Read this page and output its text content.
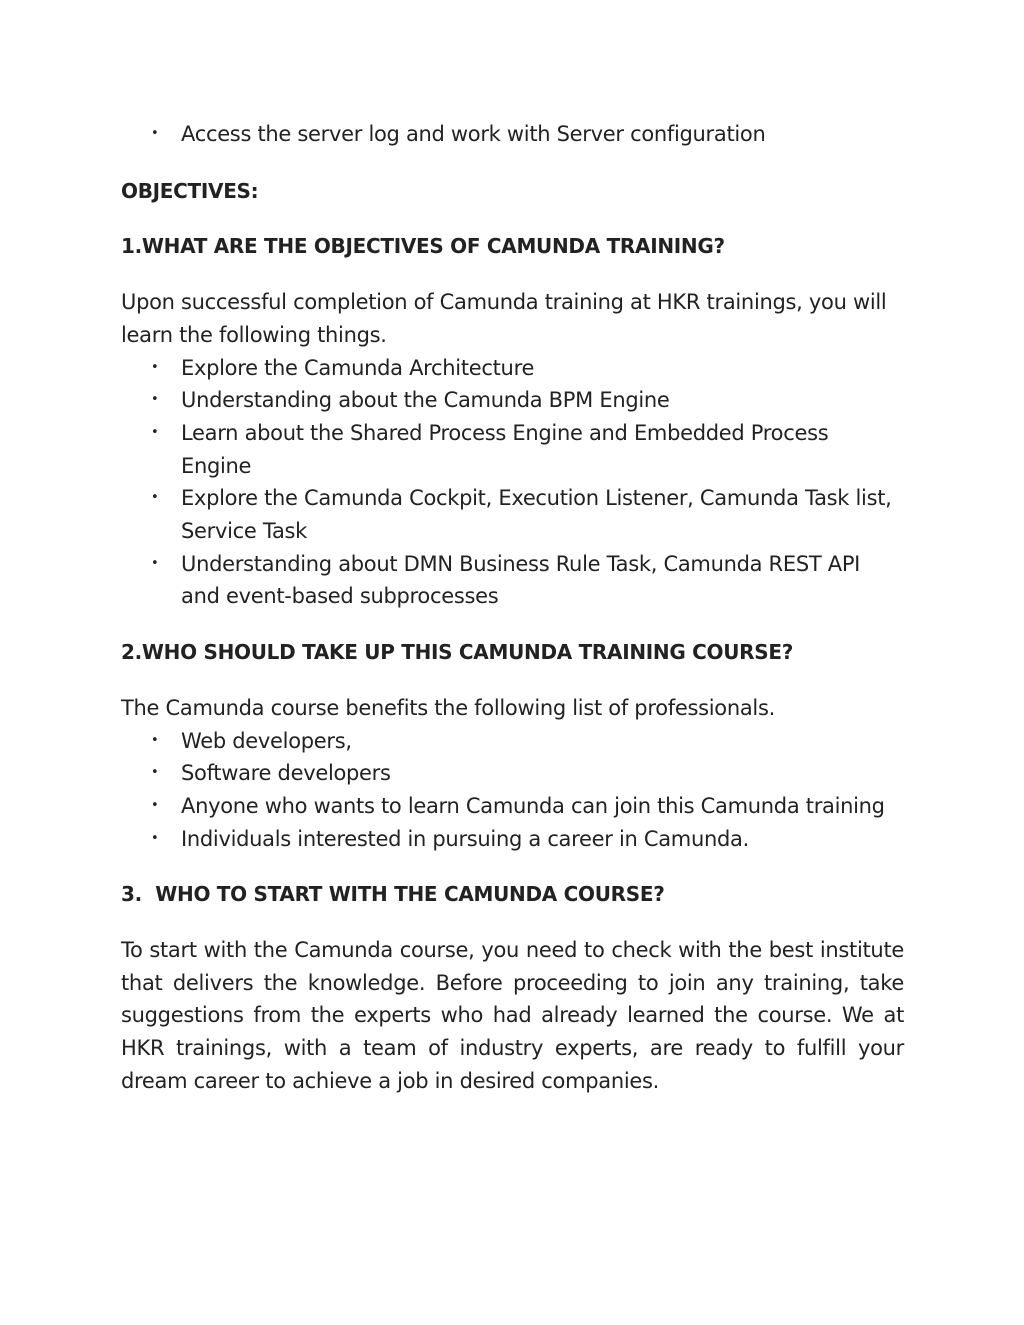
• Access the server log and work with Server configuration
OBJECTIVES:
1.WHAT ARE THE OBJECTIVES OF CAMUNDA TRAINING?

Upon successful completion of Camunda training at HKR trainings, you will learn the following things.

• Explore the Camunda Architecture
• Understanding about the Camunda BPM Engine
• Learn about the Shared Process Engine and Embedded Process Engine
• Explore the Camunda Cockpit, Execution Listener, Camunda Task list, Service Task
• Understanding about DMN Business Rule Task, Camunda REST API and event-based subprocesses
2.WHO SHOULD TAKE UP THIS CAMUNDA TRAINING COURSE?

The Camunda course benefits the following list of professionals.

• Web developers,
• Software developers
• Anyone who wants to learn Camunda can join this Camunda training
• Individuals interested in pursuing a career in Camunda.
3.  WHO TO START WITH THE CAMUNDA COURSE?

To start with the Camunda course, you need to check with the best institute that delivers the knowledge. Before proceeding to join any training, take suggestions from the experts who had already learned the course. We at HKR trainings, with a team of industry experts, are ready to fulfill your dream career to achieve a job in desired companies.
